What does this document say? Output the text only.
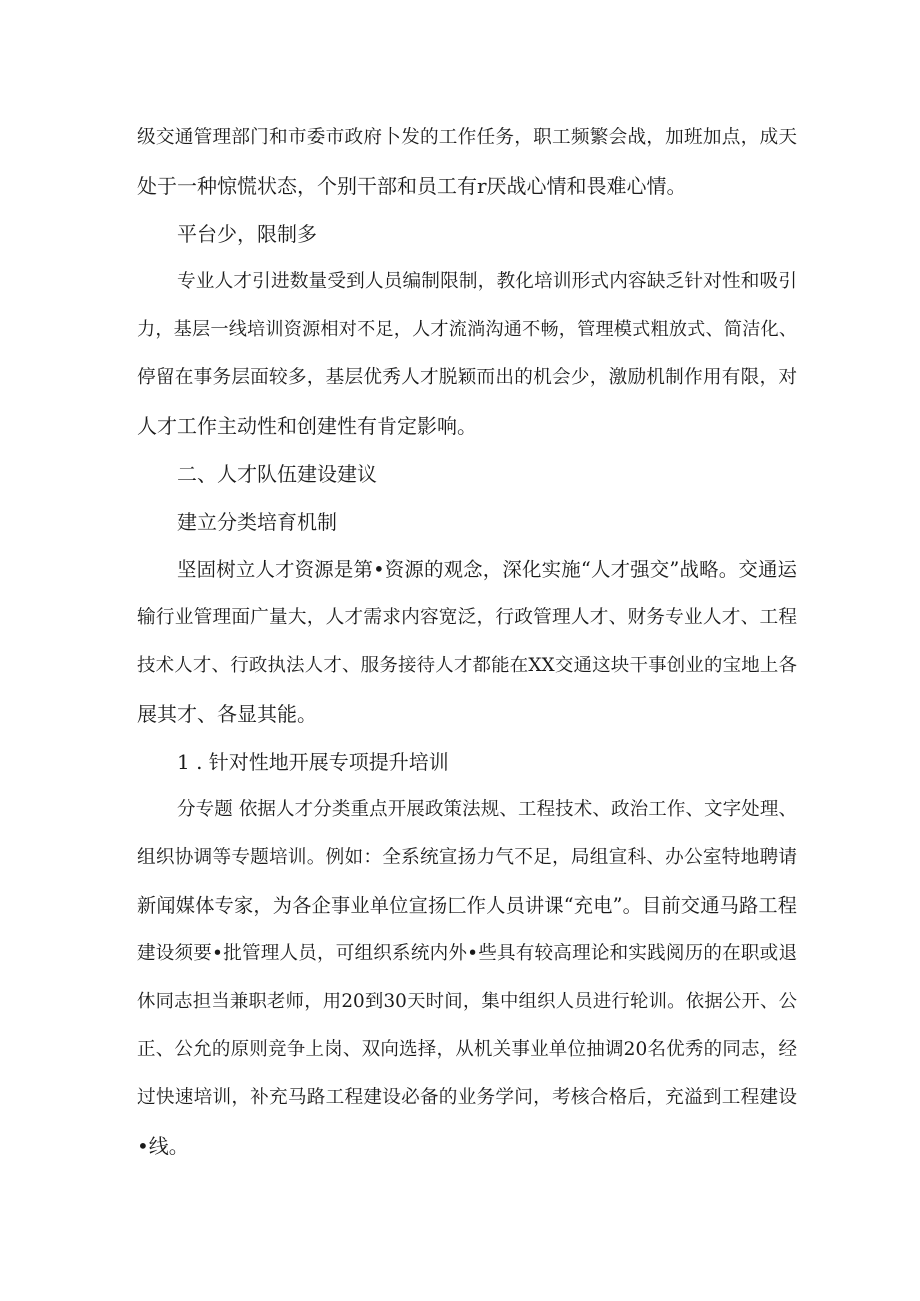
级交通管理部门和市委市政府卜发的工作任务，职工频繁会战，加班加点，成天
处于一种惊慌状态，个别干部和员工有r厌战心情和畏难心情。
平台少，限制多
专业人才引进数量受到人员编制限制，教化培训形式内容缺乏针对性和吸引
力，基层一线培训资源相对不足，人才流淌沟通不畅，管理模式粗放式、简洁化、
停留在事务层面较多，基层优秀人才脱颖而出的机会少，激励机制作用有限，对
人才工作主动性和创建性有肯定影响。
二、人才队伍建设建议
建立分类培育机制
坚固树立人才资源是第•资源的观念，深化实施“人才强交”战略。交通运
输行业管理面广量大，人才需求内容宽泛，行政管理人才、财务专业人才、工程
技术人才、行政执法人才、服务接待人才都能在XX交通这块干事创业的宝地上各
展其才、各显其能。
1 . 针对性地开展专项提升培训
分专题 依据人才分类重点开展政策法规、工程技术、政治工作、文字处理、
组织协调等专题培训。例如：全系统宣扬力气不足，局组宣科、办公室特地聘请
新闻媒体专家，为各企事业单位宣扬匚作人员讲课“充电”。目前交通马路工程
建设须要•批管理人员，可组织系统内外•些具有较高理论和实践阅历的在职或退
休同志担当兼职老师，用20到30天时间，集中组织人员进行轮训。依据公开、公
正、公允的原则竞争上岗、双向选择，从机关事业单位抽调20名优秀的同志，经
过快速培训，补充马路工程建设必备的业务学问，考核合格后，充溢到工程建设
•线。
